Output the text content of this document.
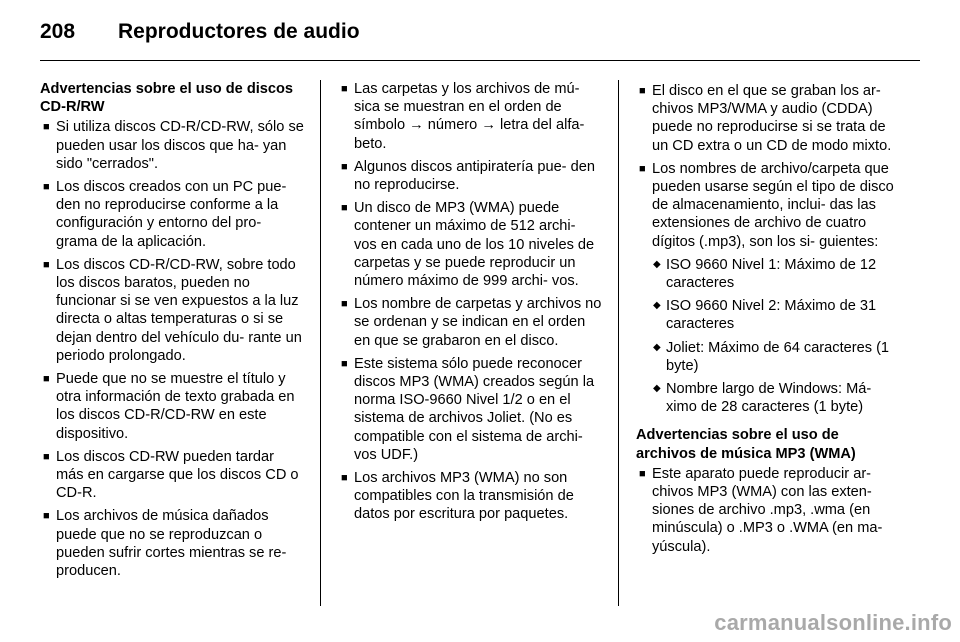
208 Reproductores de audio
Advertencias sobre el uso de discos CD-R/RW
■ Si utiliza discos CD-R/CD-RW, sólo se pueden usar los discos que ha- yan sido "cerrados".
■ Los discos creados con un PC pue- den no reproducirse conforme a la configuración y entorno del pro- grama de la aplicación.
■ Los discos CD-R/CD-RW, sobre todo los discos baratos, pueden no funcionar si se ven expuestos a la luz directa o altas temperaturas o si se dejan dentro del vehículo du- rante un periodo prolongado.
■ Puede que no se muestre el título y otra información de texto grabada en los discos CD-R/CD-RW en este dispositivo.
■ Los discos CD-RW pueden tardar más en cargarse que los discos CD o CD-R.
■ Los archivos de música dañados puede que no se reproduzcan o pueden sufrir cortes mientras se re- producen.
■ Las carpetas y los archivos de mú- sica se muestran en el orden de símbolo → número → letra del alfa- beto.
■ Algunos discos antipiratería pue- den no reproducirse.
■ Un disco de MP3 (WMA) puede contener un máximo de 512 archi- vos en cada uno de los 10 niveles de carpetas y se puede reproducir un número máximo de 999 archi- vos.
■ Los nombre de carpetas y archivos no se ordenan y se indican en el orden en que se grabaron en el disco.
■ Este sistema sólo puede reconocer discos MP3 (WMA) creados según la norma ISO-9660 Nivel 1/2 o en el sistema de archivos Joliet. (No es compatible con el sistema de archi- vos UDF.)
■ Los archivos MP3 (WMA) no son compatibles con la transmisión de datos por escritura por paquetes.
■ El disco en el que se graban los ar- chivos MP3/WMA y audio (CDDA) puede no reproducirse si se trata de un CD extra o un CD de modo mixto.
■ Los nombres de archivo/carpeta que pueden usarse según el tipo de disco de almacenamiento, inclui- das las extensiones de archivo de cuatro dígitos (.mp3), son los si- guientes:
◆ ISO 9660 Nivel 1: Máximo de 12 caracteres
◆ ISO 9660 Nivel 2: Máximo de 31 caracteres
◆ Joliet: Máximo de 64 caracteres (1 byte)
◆ Nombre largo de Windows: Má- ximo de 28 caracteres (1 byte)
Advertencias sobre el uso de archivos de música MP3 (WMA)
■ Este aparato puede reproducir ar- chivos MP3 (WMA) con las exten- siones de archivo .mp3, .wma (en minúscula) o .MP3 o .WMA (en ma- yúscula).
carmanualsonline.info
